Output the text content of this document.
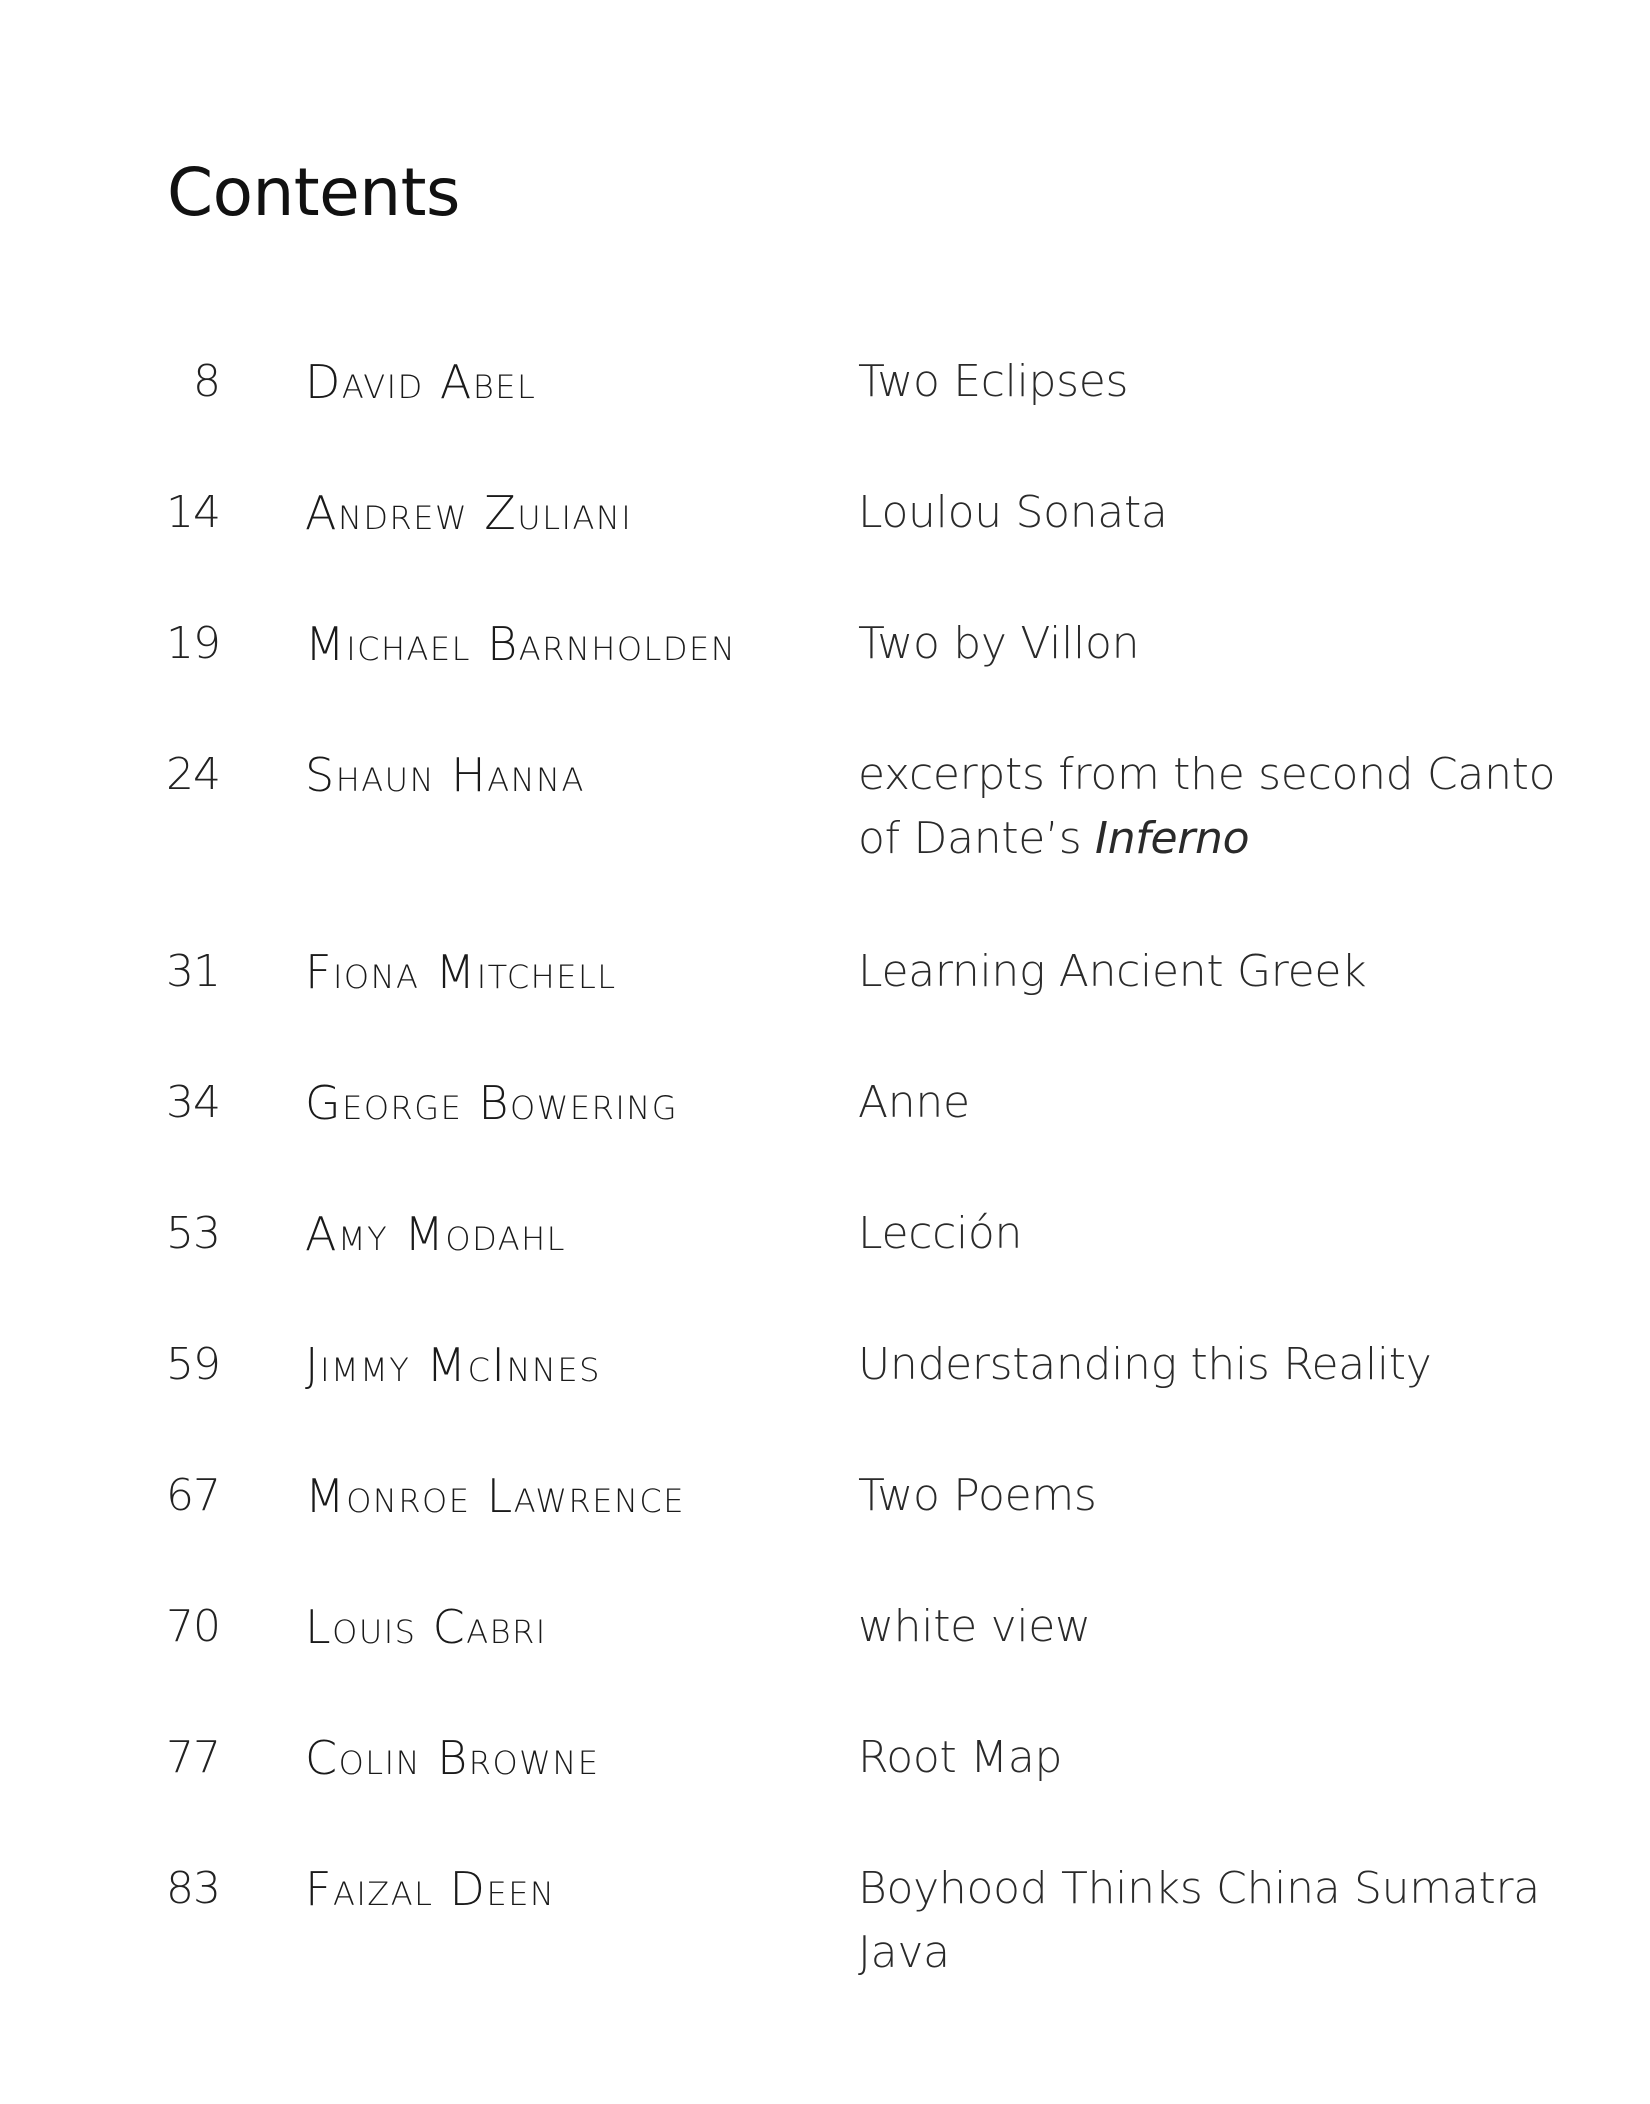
Contents
8 David Abel	Two Eclipses
14 Andrew Zuliani	Loulou Sonata
19 Michael Barnholden	Two by Villon
24 Shaun Hanna	excerpts from the second Canto
of Dante’s Inferno
31 Fiona Mitchell	Learning Ancient Greek
34 George Bowering	Anne
53 Amy Modahl	Lección
59 Jimmy McInnes	Understanding this Reality
67 Monroe Lawrence	Two Poems
70 Louis Cabri	white view
77 Colin Browne	Root Map
83 Faizal Deen	Boyhood Thinks China Sumatra
Java
